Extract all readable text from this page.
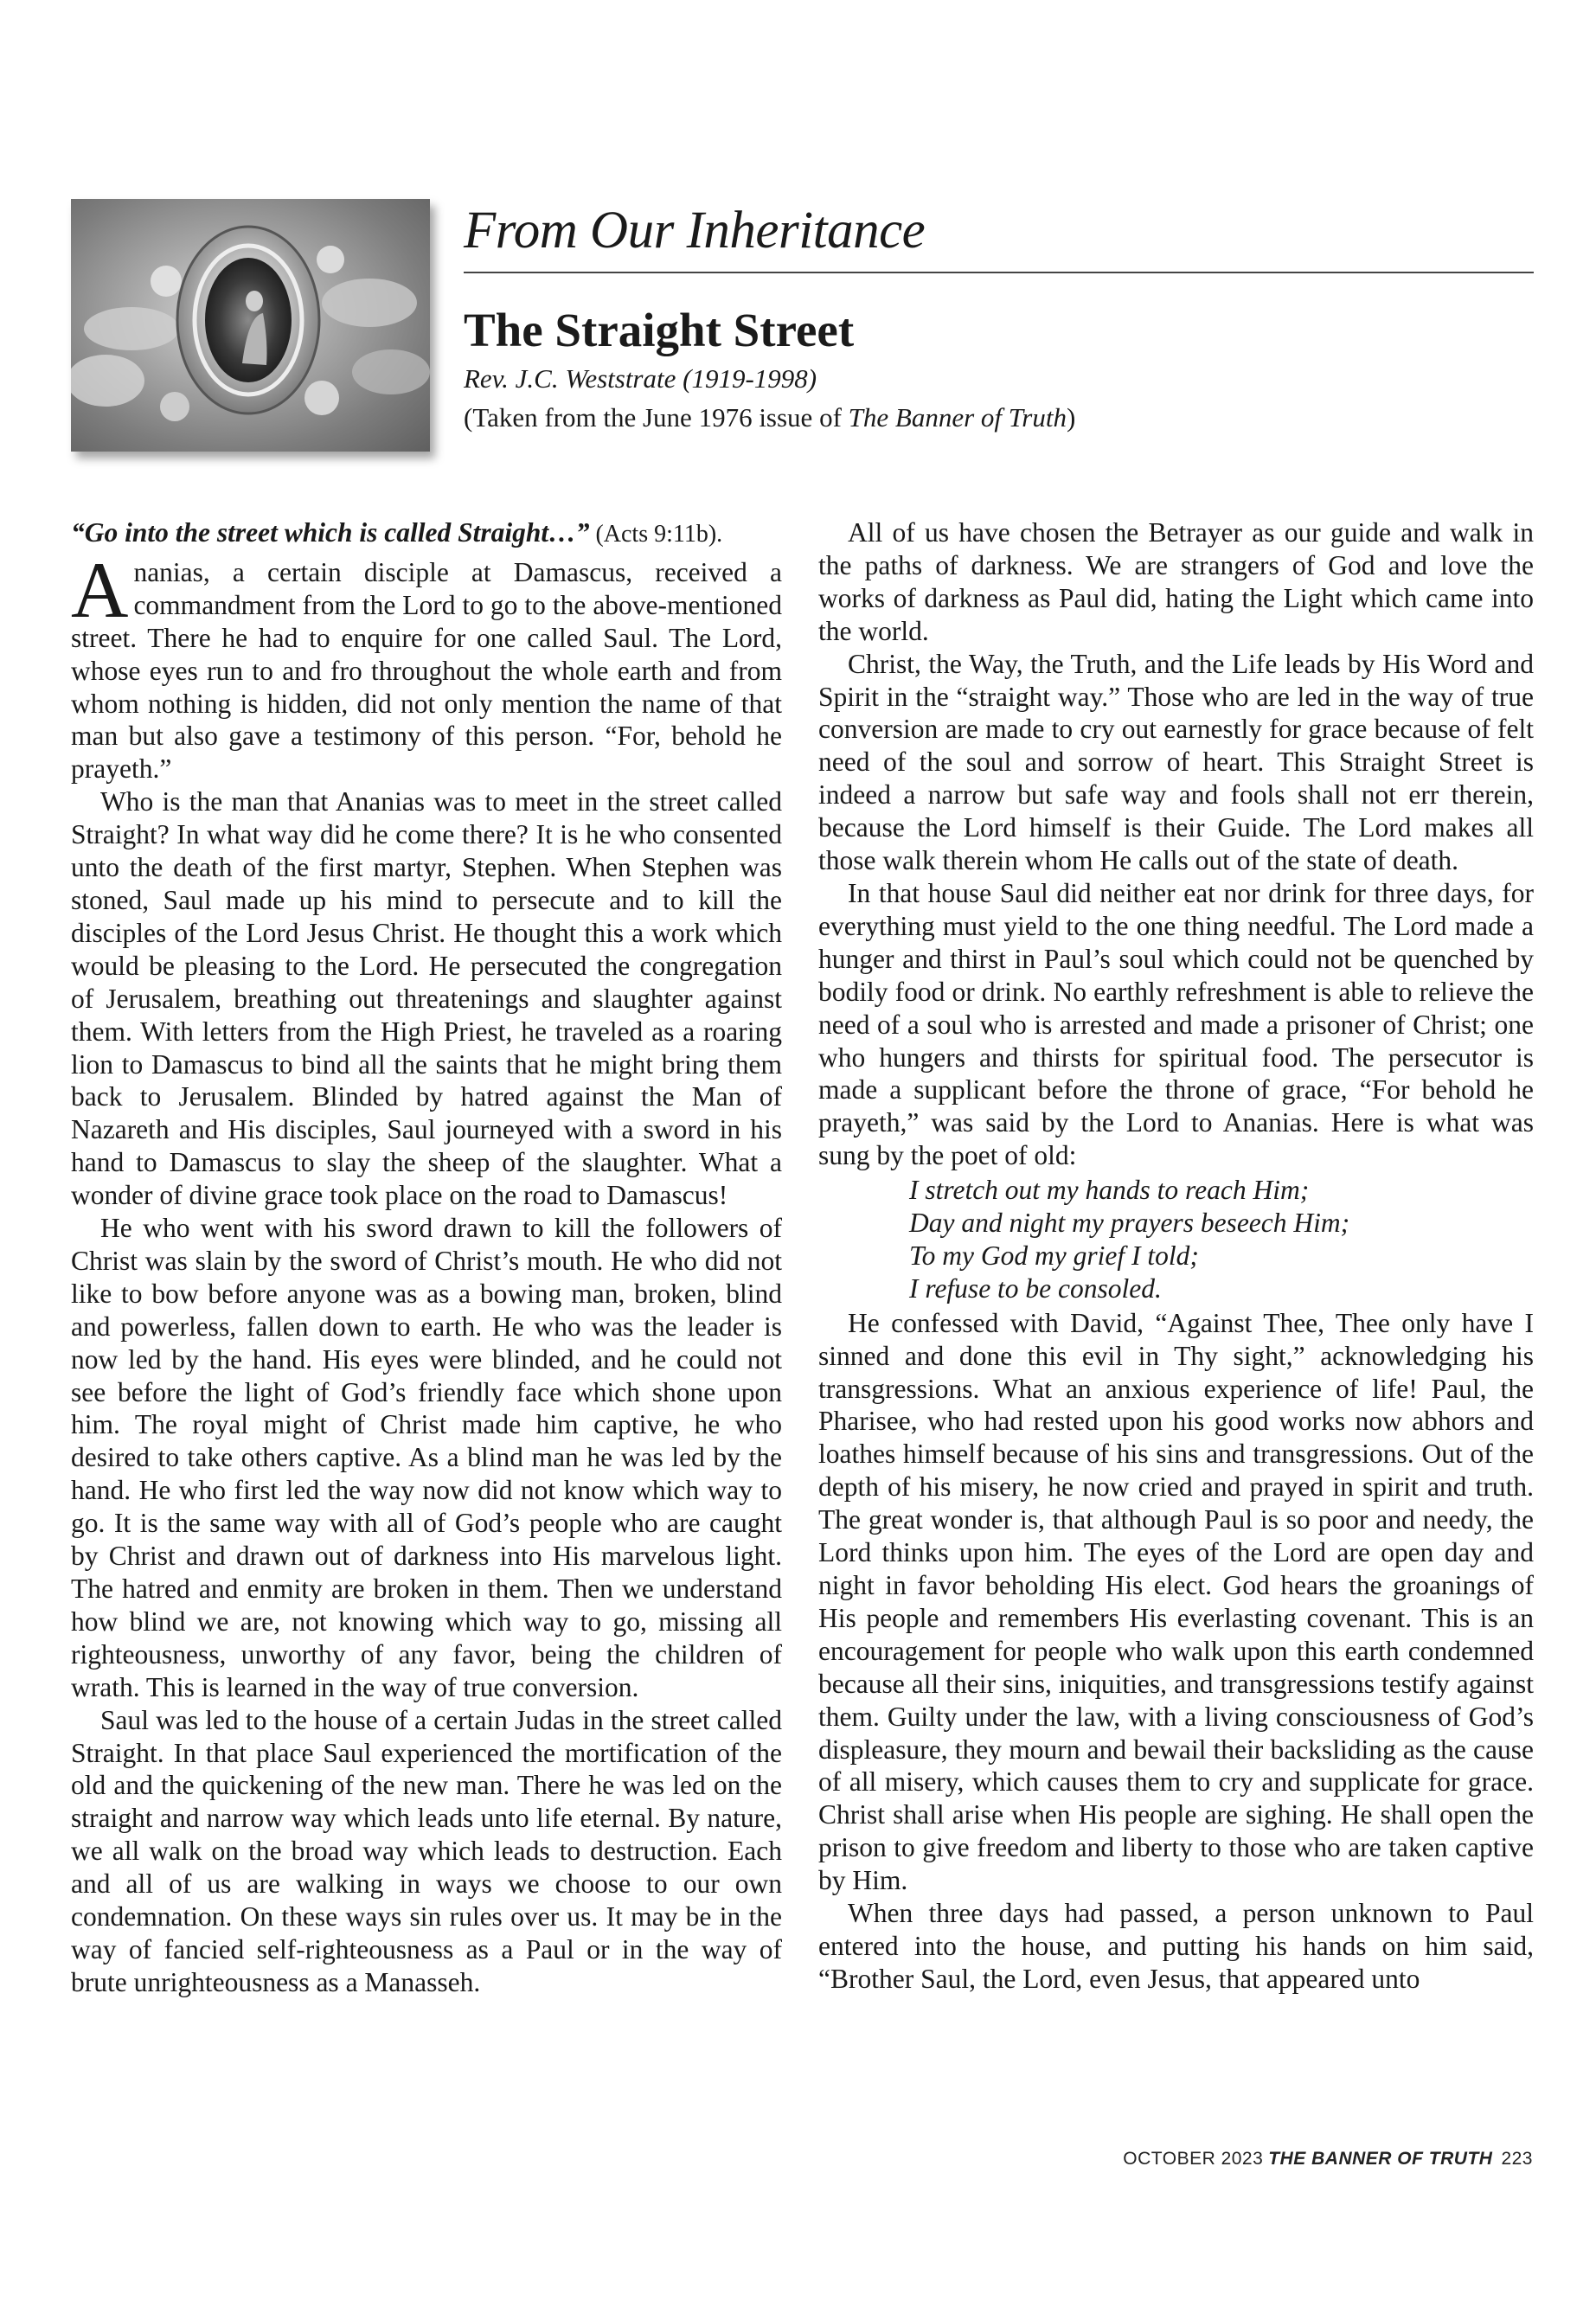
From Our Inheritance
The Straight Street
Rev. J.C. Weststrate (1919-1998)
(Taken from the June 1976 issue of The Banner of Truth)
“Go into the street which is called Straight…” (Acts 9:11b).

Ananias, a certain disciple at Damascus, received a commandment from the Lord to go to the above-mentioned street. There he had to enquire for one called Saul. The Lord, whose eyes run to and fro throughout the whole earth and from whom nothing is hidden, did not only mention the name of that man but also gave a testimony of this person. “For, behold he prayeth.”

Who is the man that Ananias was to meet in the street called Straight? In what way did he come there? It is he who consented unto the death of the first martyr, Stephen. When Stephen was stoned, Saul made up his mind to persecute and to kill the disciples of the Lord Jesus Christ. He thought this a work which would be pleasing to the Lord. He persecuted the congregation of Jerusalem, breathing out threatenings and slaughter against them. With letters from the High Priest, he traveled as a roaring lion to Damascus to bind all the saints that he might bring them back to Jerusalem. Blinded by hatred against the Man of Nazareth and His disciples, Saul journeyed with a sword in his hand to Damascus to slay the sheep of the slaughter. What a wonder of divine grace took place on the road to Damascus!

He who went with his sword drawn to kill the followers of Christ was slain by the sword of Christ’s mouth. He who did not like to bow before anyone was as a bowing man, broken, blind and powerless, fallen down to earth. He who was the leader is now led by the hand. His eyes were blinded, and he could not see before the light of God’s friendly face which shone upon him. The royal might of Christ made him captive, he who desired to take others captive. As a blind man he was led by the hand. He who first led the way now did not know which way to go. It is the same way with all of God’s people who are caught by Christ and drawn out of darkness into His marvelous light. The hatred and enmity are broken in them. Then we understand how blind we are, not knowing which way to go, missing all righteousness, unworthy of any favor, being the children of wrath. This is learned in the way of true conversion.

Saul was led to the house of a certain Judas in the street called Straight. In that place Saul experienced the mortification of the old and the quickening of the new man. There he was led on the straight and narrow way which leads unto life eternal. By nature, we all walk on the broad way which leads to destruction. Each and all of us are walking in ways we choose to our own condemnation. On these ways sin rules over us. It may be in the way of fancied self-righteousness as a Paul or in the way of brute unrighteousness as a Manasseh.

All of us have chosen the Betrayer as our guide and walk in the paths of darkness. We are strangers of God and love the works of darkness as Paul did, hating the Light which came into the world.

Christ, the Way, the Truth, and the Life leads by His Word and Spirit in the “straight way.” Those who are led in the way of true conversion are made to cry out earnestly for grace because of felt need of the soul and sorrow of heart. This Straight Street is indeed a narrow but safe way and fools shall not err therein, because the Lord himself is their Guide. The Lord makes all those walk therein whom He calls out of the state of death.

In that house Saul did neither eat nor drink for three days, for everything must yield to the one thing needful. The Lord made a hunger and thirst in Paul’s soul which could not be quenched by bodily food or drink. No earthly refreshment is able to relieve the need of a soul who is arrested and made a prisoner of Christ; one who hungers and thirsts for spiritual food. The persecutor is made a supplicant before the throne of grace, “For behold he prayeth,” was said by the Lord to Ananias. Here is what was sung by the poet of old:

I stretch out my hands to reach Him;
Day and night my prayers beseech Him;
To my God my grief I told;
I refuse to be consoled.

He confessed with David, “Against Thee, Thee only have I sinned and done this evil in Thy sight,” acknowledging his transgressions. What an anxious experience of life! Paul, the Pharisee, who had rested upon his good works now abhors and loathes himself because of his sins and transgressions. Out of the depth of his misery, he now cried and prayed in spirit and truth. The great wonder is, that although Paul is so poor and needy, the Lord thinks upon him. The eyes of the Lord are open day and night in favor beholding His elect. God hears the groanings of His people and remembers His everlasting covenant. This is an encouragement for people who walk upon this earth condemned because all their sins, iniquities, and transgressions testify against them. Guilty under the law, with a living consciousness of God’s displeasure, they mourn and bewail their backsliding as the cause of all misery, which causes them to cry and supplicate for grace. Christ shall arise when His people are sighing. He shall open the prison to give freedom and liberty to those who are taken captive by Him.

When three days had passed, a person unknown to Paul entered into the house, and putting his hands on him said, “Brother Saul, the Lord, even Jesus, that appeared unto

OCTOBER 2023 THE BANNER OF TRUTH 223
